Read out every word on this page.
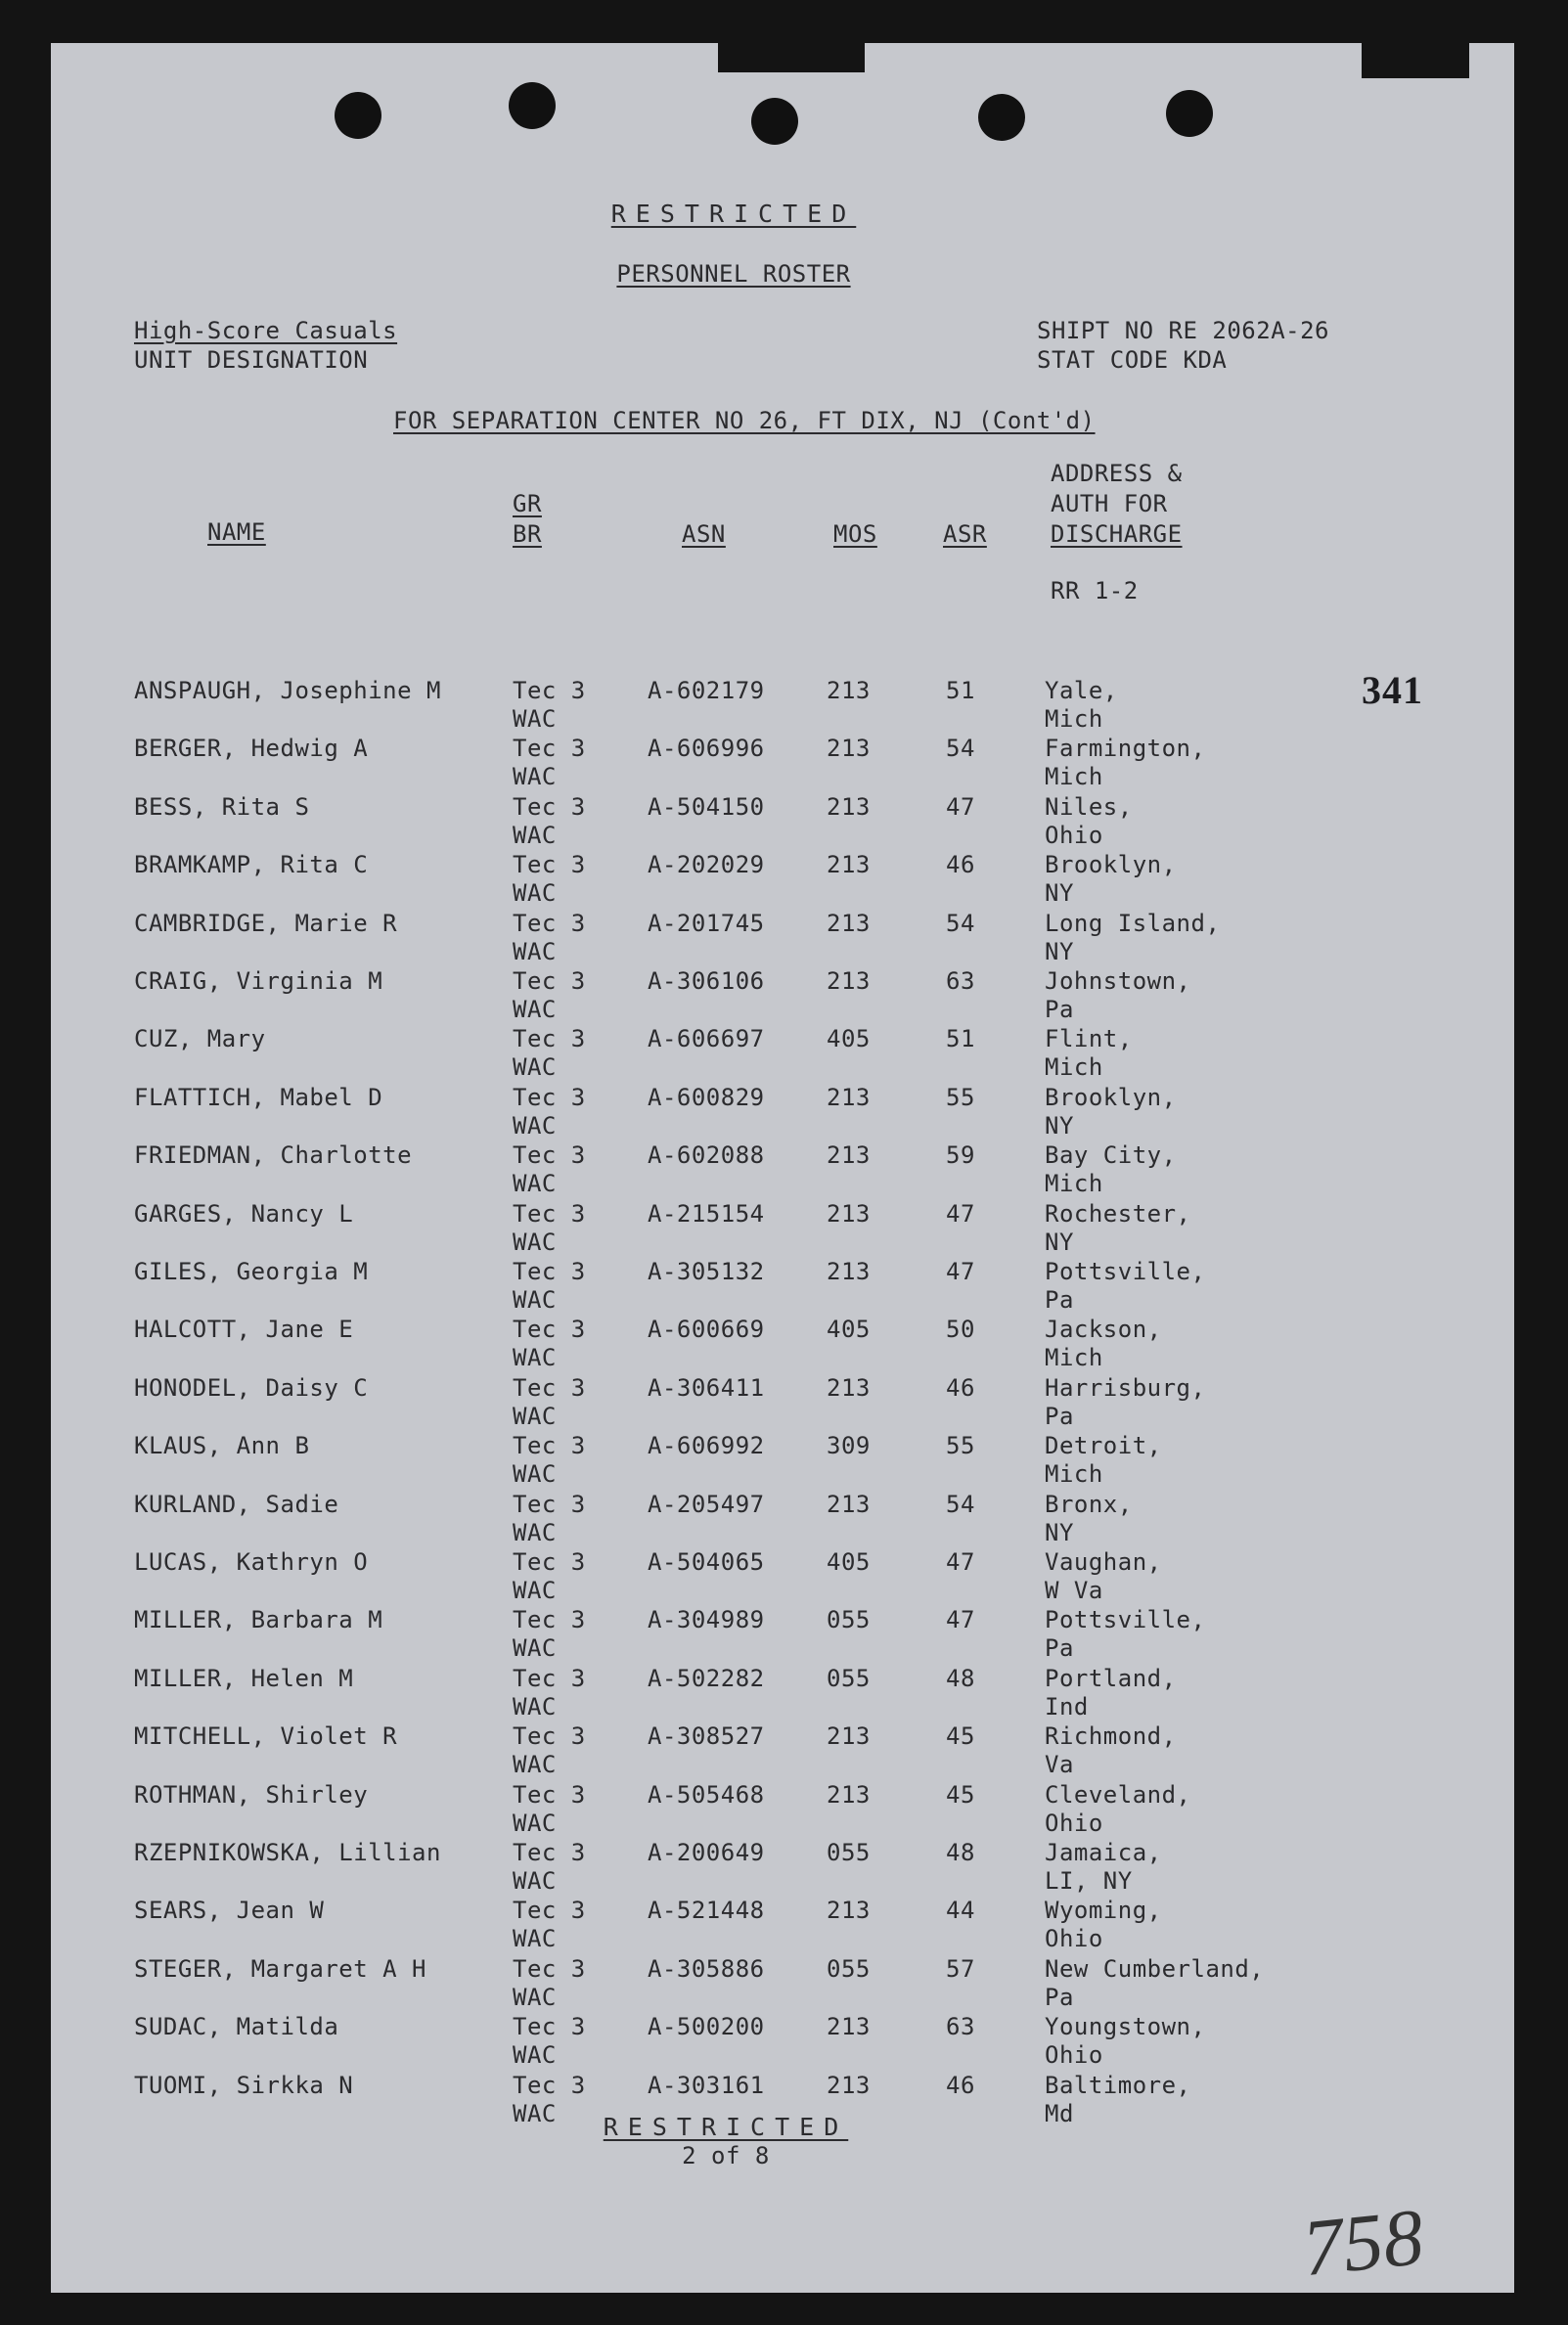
RESTRICTED
PERSONNEL ROSTER
High-Score Casuals
UNIT DESIGNATION
SHIPT NO RE 2062A-26
STAT CODE KDA
FOR SEPARATION CENTER NO 26, FT DIX, NJ (Cont'd)
NAME
GR
BR	ASN	MOS	ASR
ADDRESS &
AUTH FOR
DISCHARGE
RR 1-2
341
ANSPAUGH, Josephine M	Tec 3	A-602179	213	51	Yale,
WAC	Mich
BERGER, Hedwig A	Tec 3	A-606996	213	54	Farmington,
WAC	Mich
BESS, Rita S	Tec 3	A-504150	213	47	Niles,
WAC	Ohio
BRAMKAMP, Rita C	Tec 3	A-202029	213	46	Brooklyn,
WAC	NY
CAMBRIDGE, Marie R	Tec 3	A-201745	213	54	Long Island,
WAC	NY
CRAIG, Virginia M	Tec 3	A-306106	213	63	Johnstown,
WAC	Pa
CUZ, Mary	Tec 3	A-606697	405	51	Flint,
WAC	Mich
FLATTICH, Mabel D	Tec 3	A-600829	213	55	Brooklyn,
WAC	NY
FRIEDMAN, Charlotte	Tec 3	A-602088	213	59	Bay City,
WAC	Mich
GARGES, Nancy L	Tec 3	A-215154	213	47	Rochester,
WAC	NY
GILES, Georgia M	Tec 3	A-305132	213	47	Pottsville,
WAC	Pa
HALCOTT, Jane E	Tec 3	A-600669	405	50	Jackson,
WAC	Mich
HONODEL, Daisy C	Tec 3	A-306411	213	46	Harrisburg,
WAC	Pa
KLAUS, Ann B	Tec 3	A-606992	309	55	Detroit,
WAC	Mich
KURLAND, Sadie	Tec 3	A-205497	213	54	Bronx,
WAC	NY
LUCAS, Kathryn O	Tec 3	A-504065	405	47	Vaughan,
WAC	W Va
MILLER, Barbara M	Tec 3	A-304989	055	47	Pottsville,
WAC	Pa
MILLER, Helen M	Tec 3	A-502282	055	48	Portland,
WAC	Ind
MITCHELL, Violet R	Tec 3	A-308527	213	45	Richmond,
WAC	Va
ROTHMAN, Shirley	Tec 3	A-505468	213	45	Cleveland,
WAC	Ohio
RZEPNIKOWSKA, Lillian	Tec 3	A-200649	055	48	Jamaica,
WAC	LI, NY
SEARS, Jean W	Tec 3	A-521448	213	44	Wyoming,
WAC	Ohio
STEGER, Margaret A H	Tec 3	A-305886	055	57	New Cumberland,
WAC	Pa
SUDAC, Matilda	Tec 3	A-500200	213	63	Youngstown,
WAC	Ohio
TUOMI, Sirkka N	Tec 3	A-303161	213	46	Baltimore,
WAC	Md
RESTRICTED
2 of 8
758
